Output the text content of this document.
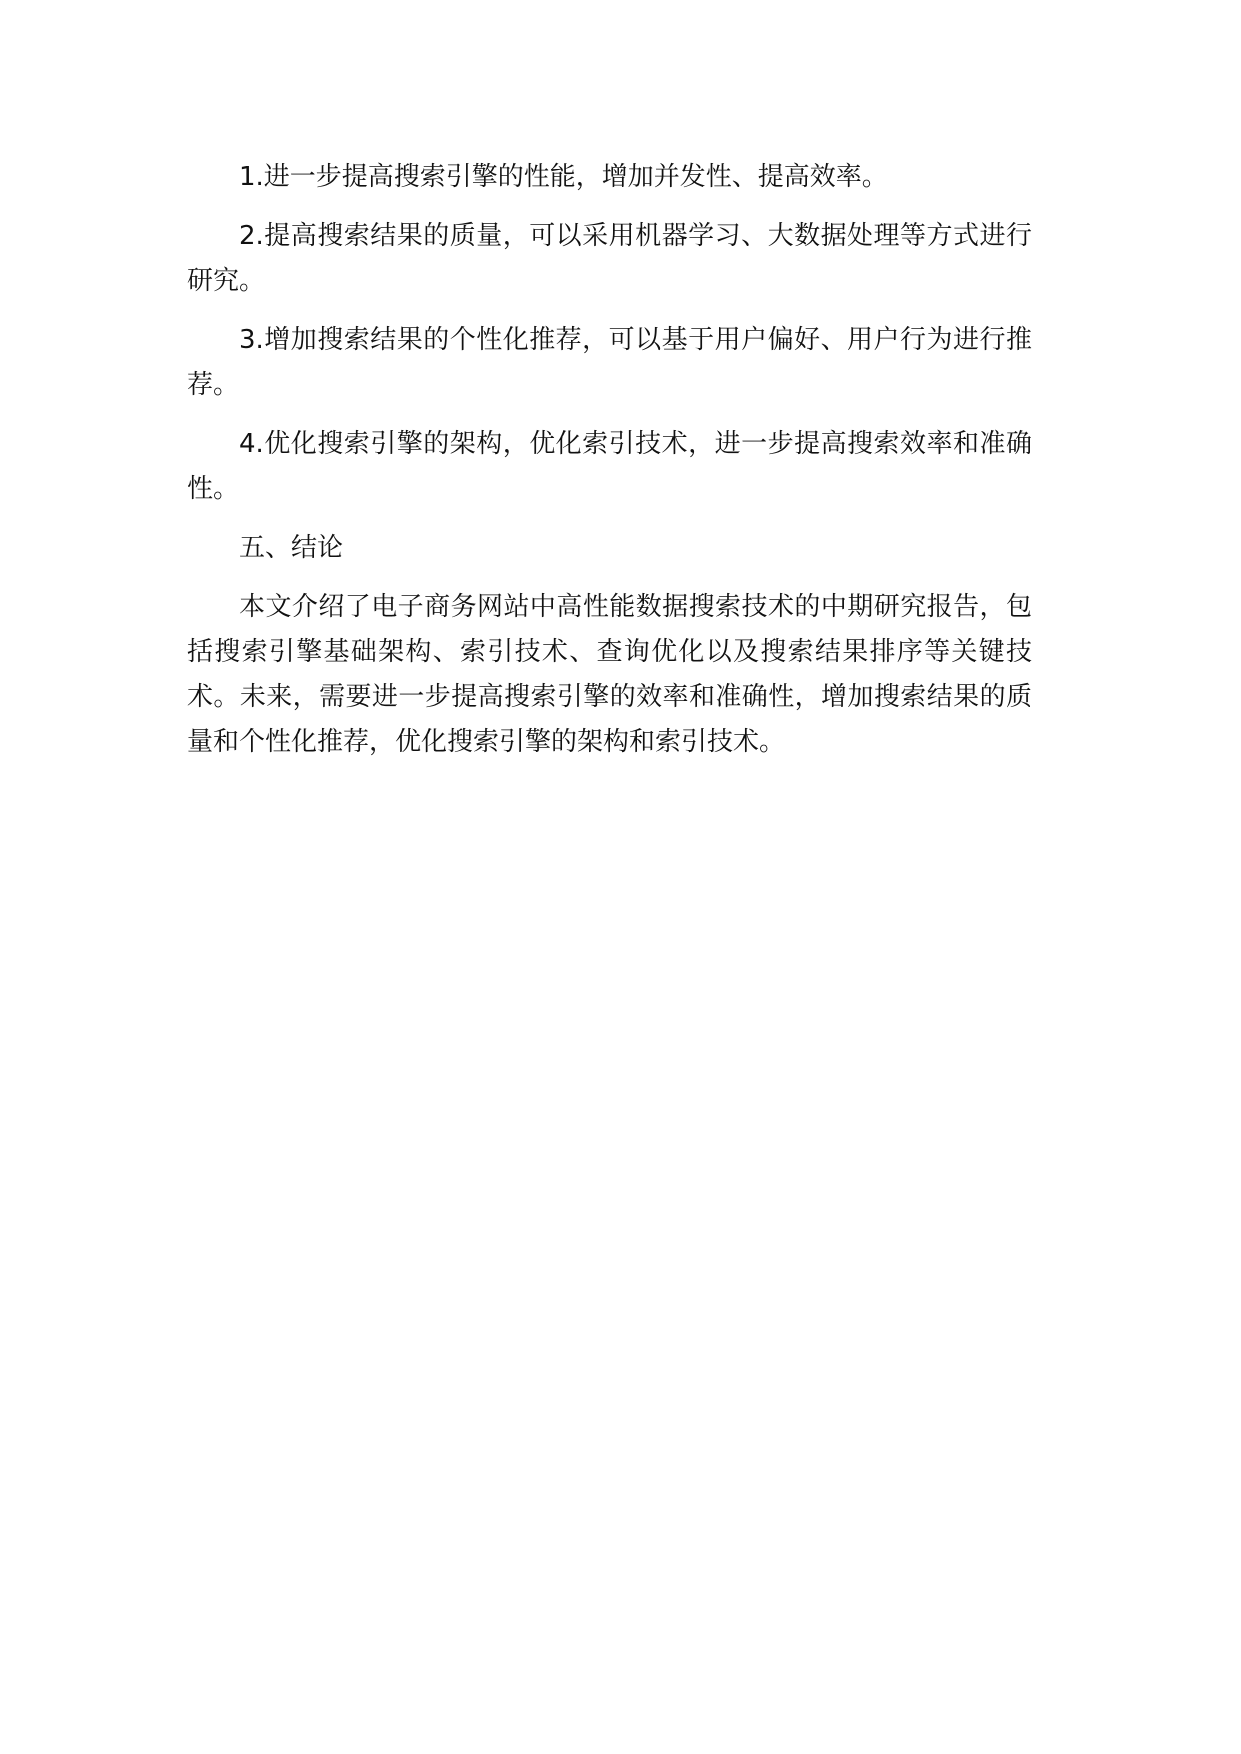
1.进一步提高搜索引擎的性能，增加并发性、提高效率。

2.提高搜索结果的质量，可以采用机器学习、大数据处理等方式进行研究。

3.增加搜索结果的个性化推荐，可以基于用户偏好、用户行为进行推荐。

4.优化搜索引擎的架构，优化索引技术，进一步提高搜索效率和准确性。

五、结论

本文介绍了电子商务网站中高性能数据搜索技术的中期研究报告，包括搜索引擎基础架构、索引技术、查询优化以及搜索结果排序等关键技术。未来，需要进一步提高搜索引擎的效率和准确性，增加搜索结果的质量和个性化推荐，优化搜索引擎的架构和索引技术。
